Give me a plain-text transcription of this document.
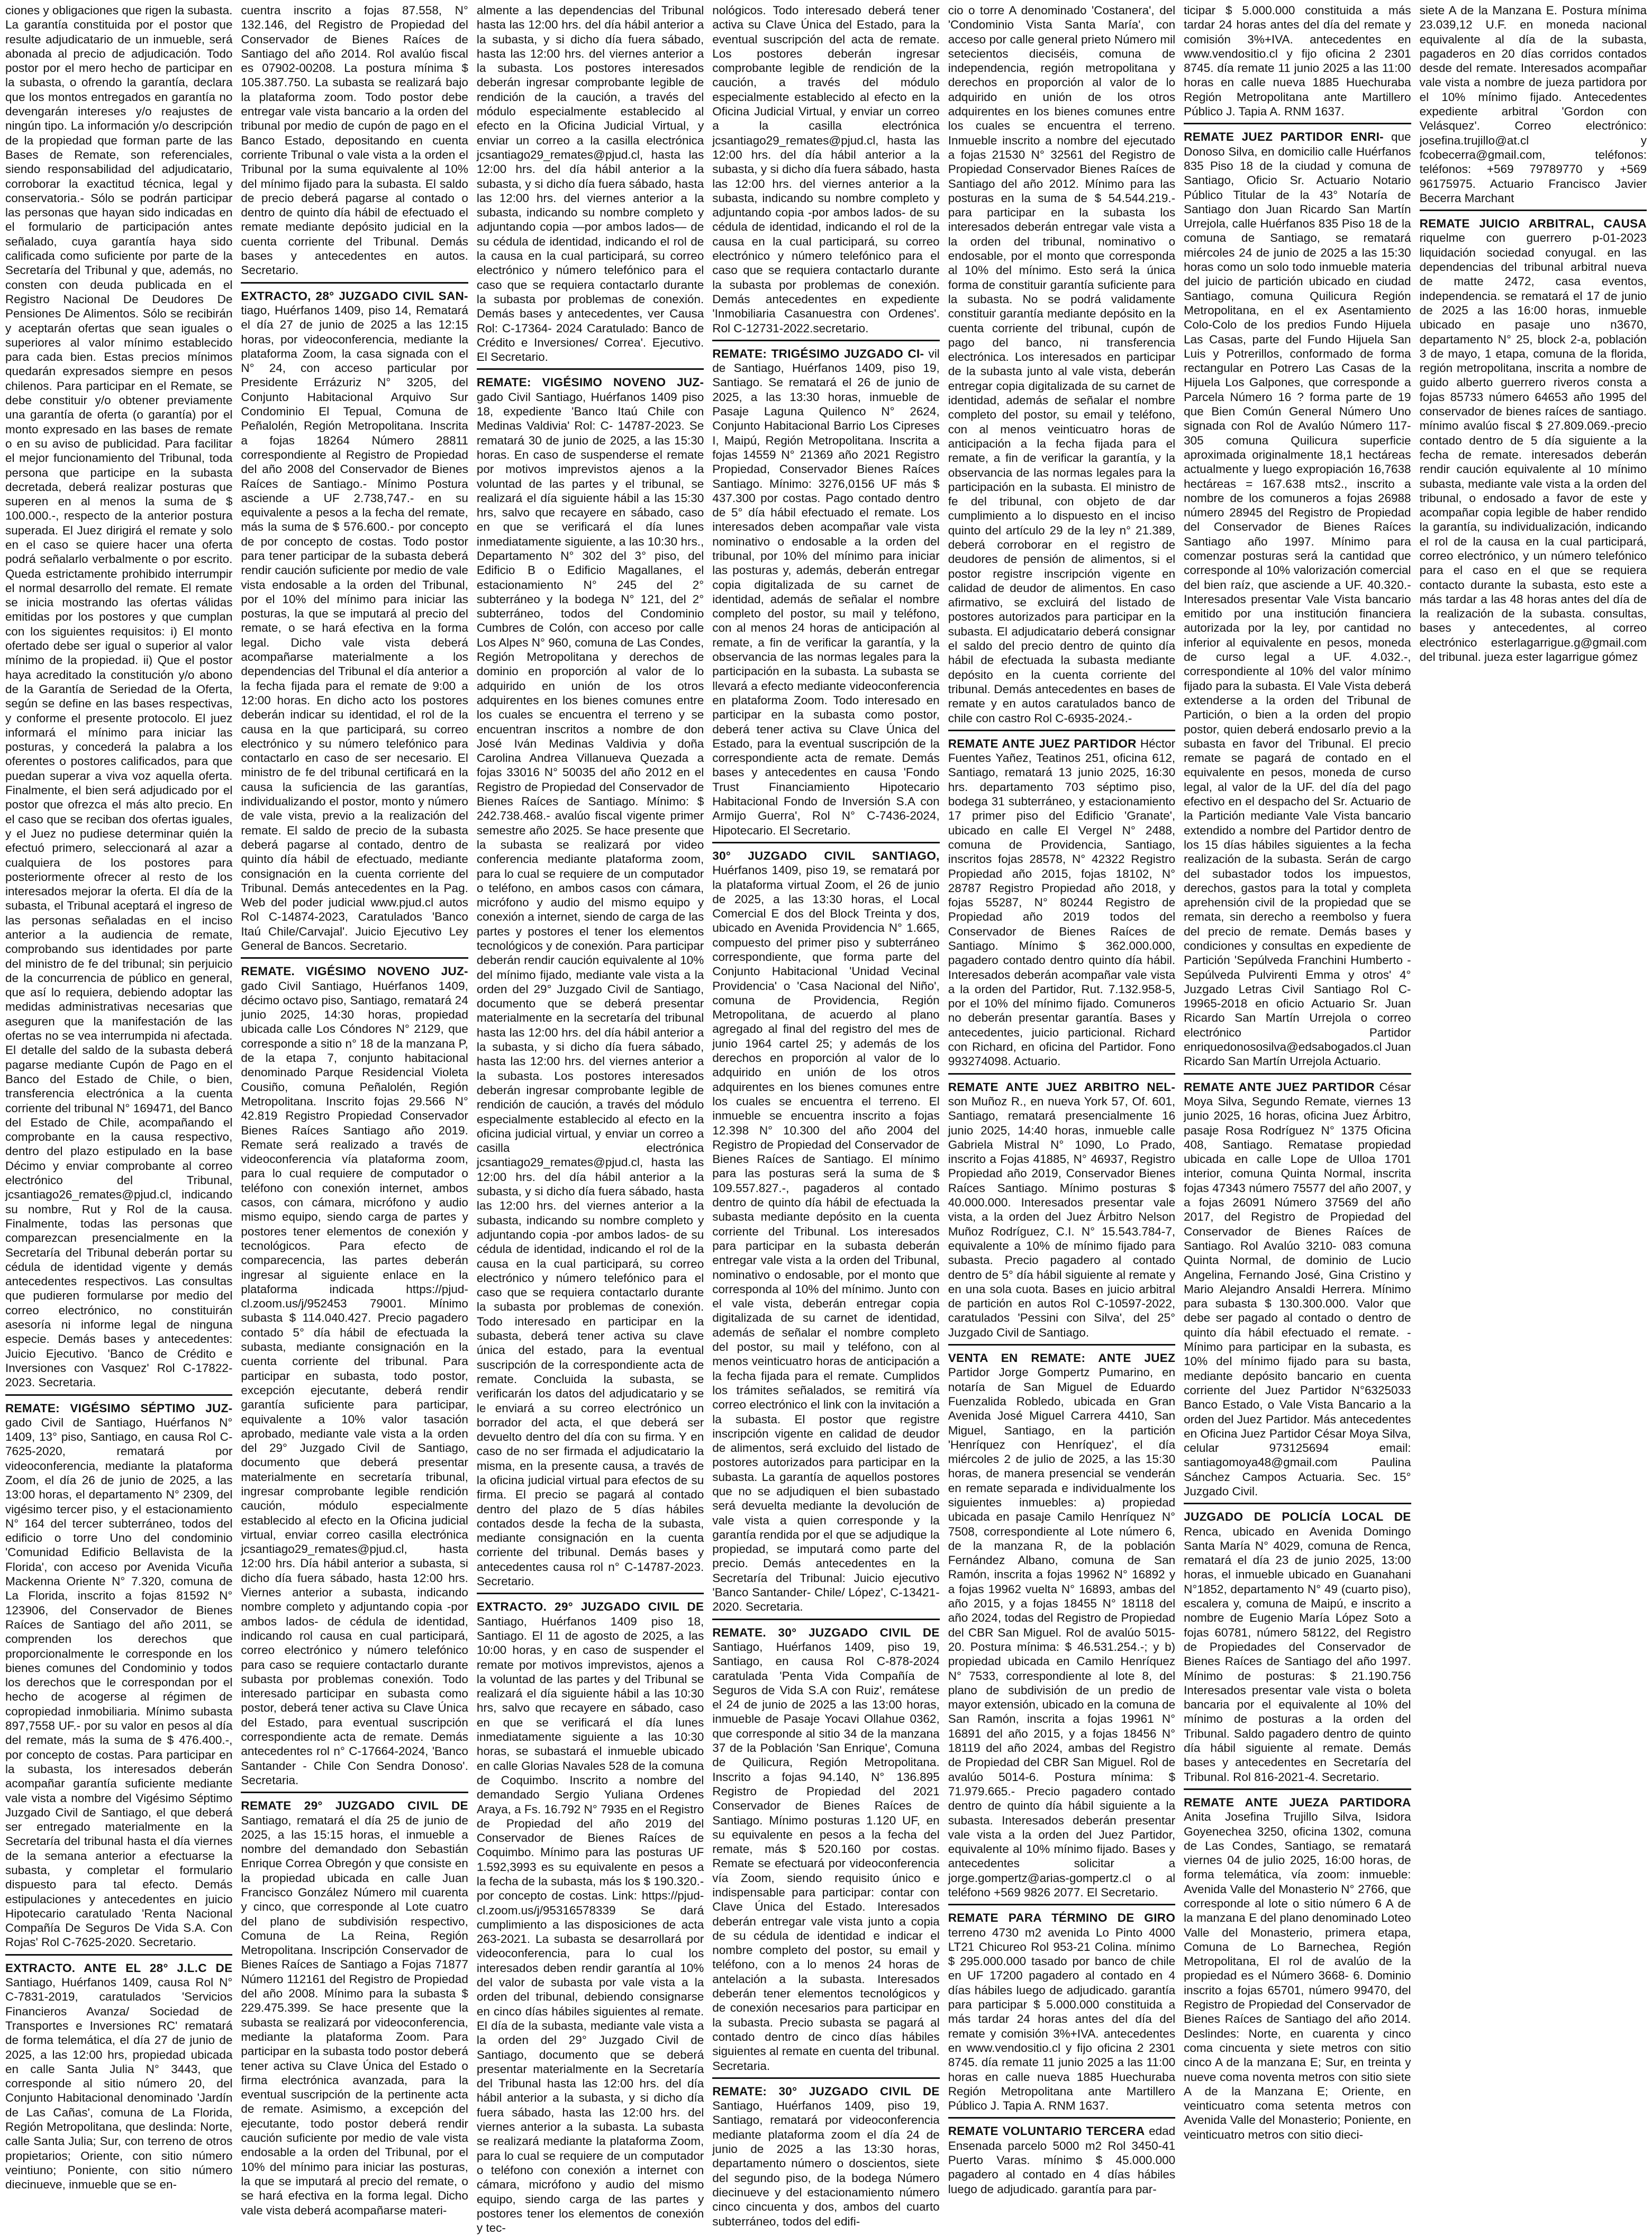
ciones y obligaciones que rigen la subasta. La garantía constituida por el postor que resulte adjudicatario de un inmueble, será abonada al precio de adjudicación. Todo postor por el mero hecho de participar en la subasta, o ofrendo la garantía, declara que los montos entregados en garantía no devengarán intereses y/o reajustes de ningún tipo. La información y/o descripción de la propiedad que forman parte de las Bases de Remate, son referenciales, siendo responsabilidad del adjudicatario, corroborar la exactitud técnica, legal y conservatoria.- Sólo se podrán participar las personas que hayan sido indicadas en el formulario de participación antes señalado, cuya garantía haya sido calificada como suficiente por parte de la Secretaría del Tribunal y que, además, no consten con deuda publicada en el Registro Nacional De Deudores De Pensiones De Alimentos. Sólo se recibirán y aceptarán ofertas que sean iguales o superiores al valor mínimo establecido para cada bien. Estas precios mínimos quedarán expresados siempre en pesos chilenos. Para participar en el Remate, se debe constituir y/o obtener previamente una garantía de oferta (o garantía) por el monto expresado en las bases de remate o en su aviso de publicidad. Para facilitar el mejor funcionamiento del Tribunal, toda persona que participe en la subasta decretada, deberá realizar posturas que superen en al menos la suma de $ 100.000.-, respecto de la anterior postura superada. El Juez dirigirá el remate y solo en el caso se quiere hacer una oferta podrá señalarlo verbalmente o por escrito. Queda estrictamente prohibido interrumpir el normal desarrollo del remate. El remate se inicia mostrando las ofertas válidas emitidas por los postores y que cumplan con los siguientes requisitos: i) El monto ofertado debe ser igual o superior al valor mínimo de la propiedad. ii) Que el postor haya acreditado la constitución y/o abono de la Garantía de Seriedad de la Oferta, según se define en las bases respectivas, y conforme el presente protocolo. El juez informará el mínimo para iniciar las posturas, y concederá la palabra a los oferentes o postores calificados, para que puedan superar a viva voz aquella oferta. Finalmente, el bien será adjudicado por el postor que ofrezca el más alto precio. En el caso que se reciban dos ofertas iguales, y el Juez no pudiese determinar quién la efectuó primero, seleccionará al azar a cualquiera de los postores para posteriormente ofrecer al resto de los interesados mejorar la oferta. El día de la subasta, el Tribunal aceptará el ingreso de las personas señaladas en el inciso anterior a la audiencia de remate, comprobando sus identidades por parte del ministro de fe del tribunal; sin perjuicio de la concurrencia de público en general, que así lo requiera, debiendo adoptar las medidas administrativas necesarias que aseguren que la manifestación de las ofertas no se vea interrumpida ni afectada. El detalle del saldo de la subasta deberá pagarse mediante Cupón de Pago en el Banco del Estado de Chile, o bien, transferencia electrónica a la cuenta corriente del tribunal N° 169471, del Banco del Estado de Chile, acompañando el comprobante en la causa respectivo, dentro del plazo estipulado en la base Décimo y enviar comprobante al correo electrónico del Tribunal, jcsantiago26_remates@pjud.cl, indicando su nombre, Rut y Rol de la causa. Finalmente, todas las personas que comparezcan presencialmente en la Secretaría del Tribunal deberán portar su cédula de identidad vigente y demás antecedentes respectivos. Las consultas que pudieren formularse por medio del correo electrónico, no constituirán asesoría ni informe legal de ninguna especie. Demás bases y antecedentes: Juicio Ejecutivo. 'Banco de Crédito e Inversiones con Vasquez' Rol C-17822-2023. Secretaria.

REMATE: VIGÉSIMO SÉPTIMO JUZ- gado Civil de Santiago, Huérfanos N° 1409, 13° piso, Santiago, en causa Rol C-7625-2020, rematará por videoconferencia, mediante la plataforma Zoom, el día 26 de junio de 2025, a las 13:00 horas, el departamento N° 2309, del vigésimo tercer piso, y el estacionamiento N° 164 del tercer subterráneo, todos del edificio o torre Uno del condominio 'Comunidad Edificio Bellavista de la Florida', con acceso por Avenida Vicuña Mackenna Oriente N° 7.320, comuna de La Florida, inscrito a fojas 81592 N° 123906, del Conservador de Bienes Raíces de Santiago del año 2011, se comprenden los derechos que proporcionalmente le corresponde en los bienes comunes del Condominio y todos los derechos que le correspondan por el hecho de acogerse al régimen de copropiedad inmobiliaria. Mínimo subasta 897,7558 UF.- por su valor en pesos al día del remate, más la suma de $ 476.400.-, por concepto de costas. Para participar en la subasta, los interesados deberán acompañar garantía suficiente mediante vale vista a nombre del Vigésimo Séptimo Juzgado Civil de Santiago, el que deberá ser entregado materialmente en la Secretaría del tribunal hasta el día viernes de la semana anterior a efectuarse la subasta, y completar el formulario dispuesto para tal efecto. Demás estipulaciones y antecedentes en juicio Hipotecario caratulado 'Renta Nacional Compañía De Seguros De Vida S.A. Con Rojas' Rol C-7625-2020. Secretario.

EXTRACTO. ANTE EL 28° J.L.C DE Santiago, Huérfanos 1409, causa Rol N° C-7831-2019, caratulados 'Servicios Financieros Avanza/ Sociedad de Transportes e Inversiones RC' rematará de forma telemática, el día 27 de junio de 2025, a las 12:00 hrs, propiedad ubicada en calle Santa Julia N° 3443, que corresponde al sitio número 20, del Conjunto Habitacional denominado 'Jardín de Las Cañas', comuna de La Florida, Región Metropolitana, que deslinda: Norte, calle Santa Julia; Sur, con terreno de otros propietarios; Oriente, con sitio número veintiuno; Poniente, con sitio número diecinueve, inmueble que se en-

cuentra inscrito a fojas 87.558, N° 132.146, del Registro de Propiedad del Conservador de Bienes Raíces de Santiago del año 2014. Rol avalúo fiscal es 07902-00208. La postura mínima $ 105.387.750. La subasta se realizará bajo la plataforma zoom. Todo postor debe entregar vale vista bancario a la orden del tribunal por medio de cupón de pago en el Banco Estado, depositando en cuenta corriente Tribunal o vale vista a la orden el Tribunal por la suma equivalente al 10% del mínimo fijado para la subasta. El saldo de precio deberá pagarse al contado o dentro de quinto día hábil de efectuado el remate mediante depósito judicial en la cuenta corriente del Tribunal. Demás bases y antecedentes en autos. Secretario.

EXTRACTO, 28° JUZGADO CIVIL SAN- tiago, Huérfanos 1409, piso 14, Rematará el día 27 de junio de 2025 a las 12:15 horas, por videoconferencia, mediante la plataforma Zoom, la casa signada con el N° 24, con acceso particular por Presidente Errázuriz N° 3205, del Conjunto Habitacional Arquivo Sur Condominio El Tepual, Comuna de Peñalolén, Región Metropolitana. Inscrita a fojas 18264 Número 28811 correspondiente al Registro de Propiedad del año 2008 del Conservador de Bienes Raíces de Santiago.- Mínimo Postura asciende a UF 2.738,747.- en su equivalente a pesos a la fecha del remate, más la suma de $ 576.600.- por concepto de por concepto de costas. Todo postor para tener participar de la subasta deberá rendir caución suficiente por medio de vale vista endosable a la orden del Tribunal, por el 10% del mínimo para iniciar las posturas, la que se imputará al precio del remate, o se hará efectiva en la forma legal. Dicho vale vista deberá acompañarse materialmente a los dependencias del Tribunal el día anterior a la fecha fijada para el remate de 9:00 a 12:00 horas. En dicho acto los postores deberán indicar su identidad, el rol de la causa en la que participará, su correo electrónico y su número telefónico para contactarlo en caso de ser necesario. El ministro de fe del tribunal certificará en la causa la suficiencia de las garantías, individualizando el postor, monto y número de vale vista, previo a la realización del remate. El saldo de precio de la subasta deberá pagarse al contado, dentro de quinto día hábil de efectuado, mediante consignación en la cuenta corriente del Tribunal. Demás antecedentes en la Pag. Web del poder judicial www.pjud.cl autos Rol C-14874-2023, Caratulados 'Banco Itaú Chile/Carvajal'. Juicio Ejecutivo Ley General de Bancos. Secretario.

REMATE. VIGÉSIMO NOVENO JUZ- gado Civil Santiago, Huérfanos 1409, décimo octavo piso, Santiago, rematará 24 junio 2025, 14:30 horas, propiedad ubicada calle Los Cóndores N° 2129, que corresponde a sitio n° 18 de la manzana P, de la etapa 7, conjunto habitacional denominado Parque Residencial Violeta Cousiño, comuna Peñalolén, Región Metropolitana. Inscrito fojas 29.566 N° 42.819 Registro Propiedad Conservador Bienes Raíces Santiago año 2019. Remate será realizado a través de videoconferencia vía plataforma zoom, para lo cual requiere de computador o teléfono con conexión internet, ambos casos, con cámara, micrófono y audio mismo equipo, siendo carga de partes y postores tener elementos de conexión y tecnológicos. Para efecto de comparecencia, las partes deberán ingresar al siguiente enlace en la plataforma indicada https://pjud-cl.zoom.us/j/952453 79001. Mínimo subasta $ 114.040.427. Precio pagadero contado 5° día hábil de efectuada la subasta, mediante consignación en la cuenta corriente del tribunal. Para participar en subasta, todo postor, excepción ejecutante, deberá rendir garantía suficiente para participar, equivalente a 10% valor tasación aprobado, mediante vale vista a la orden del 29° Juzgado Civil de Santiago, documento que deberá presentar materialmente en secretaría tribunal, ingresar comprobante legible rendición caución, módulo especialmente establecido al efecto en la Oficina judicial virtual, enviar correo casilla electrónica jcsantiago29_remates@pjud.cl, hasta 12:00 hrs. Día hábil anterior a subasta, si dicho día fuera sábado, hasta 12:00 hrs. Viernes anterior a subasta, indicando nombre completo y adjuntando copia -por ambos lados- de cédula de identidad, indicando rol causa en cual participará, correo electrónico y número telefónico para caso se requiere contactarlo durante subasta por problemas conexión. Todo interesado participar en subasta como postor, deberá tener activa su Clave Única del Estado, para eventual suscripción correspondiente acta de remate. Demás antecedentes rol n° C-17664-2024, 'Banco Santander - Chile Con Sendra Donoso'. Secretaria.

REMATE 29° JUZGADO CIVIL DE Santiago, rematará el día 25 de junio de 2025, a las 15:15 horas, el inmueble a nombre del demandado don Sebastián Enrique Correa Obregón y que consiste en la propiedad ubicada en calle Juan Francisco González Número mil cuarenta y cinco, que corresponde al Lote cuatro del plano de subdivisión respectivo, Comuna de La Reina, Región Metropolitana. Inscripción Conservador de Bienes Raíces de Santiago a Fojas 71877 Número 112161 del Registro de Propiedad del año 2008. Mínimo para la subasta $ 229.475.399. Se hace presente que la subasta se realizará por videoconferencia, mediante la plataforma Zoom. Para participar en la subasta todo postor deberá tener activa su Clave Única del Estado o firma electrónica avanzada, para la eventual suscripción de la pertinente acta de remate. Asimismo, a excepción del ejecutante, todo postor deberá rendir caución suficiente por medio de vale vista endosable a la orden del Tribunal, por el 10% del mínimo para iniciar las posturas, la que se imputará al precio del remate, o se hará efectiva en la forma legal. Dicho vale vista deberá acompañarse materi-

almente a las dependencias del Tribunal hasta las 12:00 hrs. del día hábil anterior a la subasta, y si dicho día fuera sábado, hasta las 12:00 hrs. del viernes anterior a la subasta. Los postores interesados deberán ingresar comprobante legible de rendición de la caución, a través del módulo especialmente establecido al efecto en la Oficina Judicial Virtual, y enviar un correo a la casilla electrónica jcsantiago29_remates@pjud.cl, hasta las 12:00 hrs. del día hábil anterior a la subasta, y si dicho día fuera sábado, hasta las 12:00 hrs. del viernes anterior a la subasta, indicando su nombre completo y adjuntando copia —por ambos lados— de su cédula de identidad, indicando el rol de la causa en la cual participará, su correo electrónico y número telefónico para el caso que se requiera contactarlo durante la subasta por problemas de conexión. Demás bases y antecedentes, ver Causa Rol: C-17364- 2024 Caratulado: Banco de Crédito e Inversiones/ Correa'. Ejecutivo. El Secretario.

REMATE: VIGÉSIMO NOVENO JUZ- gado Civil Santiago, Huérfanos 1409 piso 18, expediente 'Banco Itaú Chile con Medinas Valdivia' Rol: C- 14787-2023. Se rematará 30 de junio de 2025, a las 15:30 horas. En caso de suspenderse el remate por motivos imprevistos ajenos a la voluntad de las partes y el tribunal, se realizará el día siguiente hábil a las 15:30 hrs, salvo que recayere en sábado, caso en que se verificará el día lunes inmediatamente siguiente, a las 10:30 hrs., Departamento N° 302 del 3° piso, del Edificio B o Edificio Magallanes, el estacionamiento N° 245 del 2° subterráneo y la bodega N° 121, del 2° subterráneo, todos del Condominio Cumbres de Colón, con acceso por calle Los Alpes N° 960, comuna de Las Condes, Región Metropolitana y derechos de dominio en proporción al valor de lo adquirido en unión de los otros adquirentes en los bienes comunes entre los cuales se encuentra el terreno y se encuentran inscritos a nombre de don José Iván Medinas Valdivia y doña Carolina Andrea Villanueva Quezada a fojas 33016 N° 50035 del año 2012 en el Registro de Propiedad del Conservador de Bienes Raíces de Santiago. Mínimo: $ 242.738.468.- avalúo fiscal vigente primer semestre año 2025. Se hace presente que la subasta se realizará por video conferencia mediante plataforma zoom, para lo cual se requiere de un computador o teléfono, en ambos casos con cámara, micrófono y audio del mismo equipo y conexión a internet, siendo de carga de las partes y postores el tener los elementos tecnológicos y de conexión. Para participar deberán rendir caución equivalente al 10% del mínimo fijado, mediante vale vista a la orden del 29° Juzgado Civil de Santiago, documento que se deberá presentar materialmente en la secretaría del tribunal hasta las 12:00 hrs. del día hábil anterior a la subasta, y si dicho día fuera sábado, hasta las 12:00 hrs. del viernes anterior a la subasta. Los postores interesados deberán ingresar comprobante legible de rendición de caución, a través del módulo especialmente establecido al efecto en la oficina judicial virtual, y enviar un correo a casilla electrónica jcsantiago29_remates@pjud.cl, hasta las 12:00 hrs. del día hábil anterior a la subasta, y si dicho día fuera sábado, hasta las 12:00 hrs. del viernes anterior a la subasta, indicando su nombre completo y adjuntando copia -por ambos lados- de su cédula de identidad, indicando el rol de la causa en la cual participará, su correo electrónico y número telefónico para el caso que se requiera contactarlo durante la subasta por problemas de conexión. Todo interesado en participar en la subasta, deberá tener activa su clave única del estado, para la eventual suscripción de la correspondiente acta de remate. Concluida la subasta, se verificarán los datos del adjudicatario y se le enviará a su correo electrónico un borrador del acta, el que deberá ser devuelto dentro del día con su firma. Y en caso de no ser firmada el adjudicatario la misma, en la presente causa, a través de la oficina judicial virtual para efectos de su firma. El precio se pagará al contado dentro del plazo de 5 días hábiles contados desde la fecha de la subasta, mediante consignación en la cuenta corriente del tribunal. Demás bases y antecedentes causa rol n° C-14787-2023. Secretario.

EXTRACTO. 29° JUZGADO CIVIL DE Santiago, Huérfanos 1409 piso 18, Santiago. El 11 de agosto de 2025, a las 10:00 horas, y en caso de suspender el remate por motivos imprevistos, ajenos a la voluntad de las partes y del Tribunal se realizará el día siguiente hábil a las 10:30 hrs, salvo que recayere en sábado, caso en que se verificará el día lunes inmediatamente siguiente a las 10:30 horas, se subastará el inmueble ubicado en calle Glorias Navales 528 de la comuna de Coquimbo. Inscrito a nombre del demandado Sergio Yuliana Ordenes Araya, a Fs. 16.792 N° 7935 en el Registro de Propiedad del año 2019 del Conservador de Bienes Raíces de Coquimbo. Mínimo para las posturas UF 1.592,3993 es su equivalente en pesos a la fecha de la subasta, más los $ 190.320.-por concepto de costas. Link: https://pjud-cl.zoom.us/j/95316578339 Se dará cumplimiento a las disposiciones de acta 263-2021. La subasta se desarrollará por videoconferencia, para lo cual los interesados deben rendir garantía al 10% del valor de subasta por vale vista a la orden del tribunal, debiendo consignarse en cinco días hábiles siguientes al remate. El día de la subasta, mediante vale vista a la orden del 29° Juzgado Civil de Santiago, documento que se deberá presentar materialmente en la Secretaría del Tribunal hasta las 12:00 hrs. del día hábil anterior a la subasta, y si dicho día fuera sábado, hasta las 12:00 hrs. del viernes anterior a la subasta. La subasta se realizará mediante la plataforma Zoom, para lo cual se requiere de un computador o teléfono con conexión a internet con cámara, micrófono y audio del mismo equipo, siendo carga de las partes y postores tener los elementos de conexión y tec-

nológicos. Todo interesado deberá tener activa su Clave Única del Estado, para la eventual suscripción del acta de remate. Los postores deberán ingresar comprobante legible de rendición de la caución, a través del módulo especialmente establecido al efecto en la Oficina Judicial Virtual, y enviar un correo a la casilla electrónica jcsantiago29_remates@pjud.cl, hasta las 12:00 hrs. del día hábil anterior a la subasta, y si dicho día fuera sábado, hasta las 12:00 hrs. del viernes anterior a la subasta, indicando su nombre completo y adjuntando copia -por ambos lados- de su cédula de identidad, indicando el rol de la causa en la cual participará, su correo electrónico y número telefónico para el caso que se requiera contactarlo durante la subasta por problemas de conexión. Demás antecedentes en expediente 'Inmobiliaria Casanuestra con Ordenes'. Rol C-12731-2022.secretario.

REMATE: TRIGÉSIMO JUZGADO CI- vil de Santiago, Huérfanos 1409, piso 19, Santiago. Se rematará el 26 de junio de 2025, a las 13:30 horas, inmueble de Pasaje Laguna Quilenco N° 2624, Conjunto Habitacional Barrio Los Cipreses I, Maipú, Región Metropolitana. Inscrita a fojas 14559 N° 21369 año 2021 Registro Propiedad, Conservador Bienes Raíces Santiago. Mínimo: 3276,0156 UF más $ 437.300 por costas. Pago contado dentro de 5° día hábil efectuado el remate. Los interesados deben acompañar vale vista nominativo o endosable a la orden del tribunal, por 10% del mínimo para iniciar las posturas y, además, deberán entregar copia digitalizada de su carnet de identidad, además de señalar el nombre completo del postor, su mail y teléfono, con al menos 24 horas de anticipación al remate, a fin de verificar la garantía, y la observancia de las normas legales para la participación en la subasta. La subasta se llevará a efecto mediante videoconferencia en plataforma Zoom. Todo interesado en participar en la subasta como postor, deberá tener activa su Clave Única del Estado, para la eventual suscripción de la correspondiente acta de remate. Demás bases y antecedentes en causa 'Fondo Trust Financiamiento Hipotecario Habitacional Fondo de Inversión S.A con Armijo Guerra', Rol N° C-7436-2024, Hipotecario. El Secretario.

30° JUZGADO CIVIL SANTIAGO, Huérfanos 1409, piso 19, se rematará por la plataforma virtual Zoom, el 26 de junio de 2025, a las 13:30 horas, el Local Comercial E dos del Block Treinta y dos, ubicado en Avenida Providencia N° 1.665, compuesto del primer piso y subterráneo correspondiente, que forma parte del Conjunto Habitacional 'Unidad Vecinal Providencia' o 'Casa Nacional del Niño', comuna de Providencia, Región Metropolitana, de acuerdo al plano agregado al final del registro del mes de junio 1964 cartel 25; y además de los derechos en proporción al valor de lo adquirido en unión de los otros adquirentes en los bienes comunes entre los cuales se encuentra el terreno. El inmueble se encuentra inscrito a fojas 12.398 N° 10.300 del año 2004 del Registro de Propiedad del Conservador de Bienes Raíces de Santiago. El mínimo para las posturas será la suma de $ 109.557.827.-, pagaderos al contado dentro de quinto día hábil de efectuada la subasta mediante depósito en la cuenta corriente del Tribunal. Los interesados para participar en la subasta deberán entregar vale vista a la orden del Tribunal, nominativo o endosable, por el monto que corresponda al 10% del mínimo. Junto con el vale vista, deberán entregar copia digitalizada de su carnet de identidad, además de señalar el nombre completo del postor, su mail y teléfono, con al menos veinticuatro horas de anticipación a la fecha fijada para el remate. Cumplidos los trámites señalados, se remitirá vía correo electrónico el link con la invitación a la subasta. El postor que registre inscripción vigente en calidad de deudor de alimentos, será excluido del listado de postores autorizados para participar en la subasta. La garantía de aquellos postores que no se adjudiquen el bien subastado será devuelta mediante la devolución de vale vista a quien corresponde y la garantía rendida por el que se adjudique la propiedad, se imputará como parte del precio. Demás antecedentes en la Secretaría del Tribunal: Juicio ejecutivo 'Banco Santander- Chile/ López', C-13421-2020. Secretaria.

REMATE. 30° JUZGADO CIVIL DE Santiago, Huérfanos 1409, piso 19, Santiago, en causa Rol C-878-2024 caratulada 'Penta Vida Compañía de Seguros de Vida S.A con Ruiz', remátese el 24 de junio de 2025 a las 13:00 horas, inmueble de Pasaje Yocavi Ollahue 0362, que corresponde al sitio 34 de la manzana 37 de la Población 'San Enrique', Comuna de Quilicura, Región Metropolitana. Inscrito a fojas 94.140, N° 136.895 Registro de Propiedad del 2021 Conservador de Bienes Raíces de Santiago. Mínimo posturas 1.120 UF, en su equivalente en pesos a la fecha del remate, más $ 520.160 por costas. Remate se efectuará por videoconferencia vía Zoom, siendo requisito único e indispensable para participar: contar con Clave Única del Estado. Interesados deberán entregar vale vista junto a copia de su cédula de identidad e indicar el nombre completo del postor, su email y teléfono, con a lo menos 24 horas de antelación a la subasta. Interesados deberán tener elementos tecnológicos y de conexión necesarios para participar en la subasta. Precio subasta se pagará al contado dentro de cinco días hábiles siguientes al remate en cuenta del tribunal. Secretaria.

REMATE: 30° JUZGADO CIVIL DE Santiago, Huérfanos 1409, piso 19, Santiago, rematará por videoconferencia mediante plataforma zoom el día 24 de junio de 2025 a las 13:30 horas, departamento número o doscientos, siete del segundo piso, de la bodega Número diecinueve y del estacionamiento número cinco cincuenta y dos, ambos del cuarto subterráneo, todos del edifi-

cio o torre A denominado 'Costanera', del 'Condominio Vista Santa María', con acceso por calle general prieto Número mil setecientos dieciséis, comuna de independencia, región metropolitana y derechos en proporción al valor de lo adquirido en unión de los otros adquirentes en los bienes comunes entre los cuales se encuentra el terreno. Inmueble inscrito a nombre del ejecutado a fojas 21530 N° 32561 del Registro de Propiedad Conservador Bienes Raíces de Santiago del año 2012. Mínimo para las posturas en la suma de $ 54.544.219.- para participar en la subasta los interesados deberán entregar vale vista a la orden del tribunal, nominativo o endosable, por el monto que corresponda al 10% del mínimo. Esto será la única forma de constituir garantía suficiente para la subasta. No se podrá validamente constituir garantía mediante depósito en la cuenta corriente del tribunal, cupón de pago del banco, ni transferencia electrónica. Los interesados en participar de la subasta junto al vale vista, deberán entregar copia digitalizada de su carnet de identidad, además de señalar el nombre completo del postor, su email y teléfono, con al menos veinticuatro horas de anticipación a la fecha fijada para el remate, a fin de verificar la garantía, y la observancia de las normas legales para la participación en la subasta. El ministro de fe del tribunal, con objeto de dar cumplimiento a lo dispuesto en el inciso quinto del artículo 29 de la ley n° 21.389, deberá corroborar en el registro de deudores de pensión de alimentos, si el postor registre inscripción vigente en calidad de deudor de alimentos. En caso afirmativo, se excluirá del listado de postores autorizados para participar en la subasta. El adjudicatario deberá consignar el saldo del precio dentro de quinto día hábil de efectuada la subasta mediante depósito en la cuenta corriente del tribunal. Demás antecedentes en bases de remate y en autos caratulados banco de chile con castro Rol C-6935-2024.-

REMATE ANTE JUEZ PARTIDOR Héctor Fuentes Yañez, Teatinos 251, oficina 612, Santiago, rematará 13 junio 2025, 16:30 hrs. departamento 703 séptimo piso, bodega 31 subterráneo, y estacionamiento 17 primer piso del Edificio 'Granate', ubicado en calle El Vergel N° 2488, comuna de Providencia, Santiago, inscritos fojas 28578, N° 42322 Registro Propiedad año 2015, fojas 18102, N° 28787 Registro Propiedad año 2018, y fojas 55287, N° 80244 Registro de Propiedad año 2019 todos del Conservador de Bienes Raíces de Santiago. Mínimo $ 362.000.000, pagadero contado dentro quinto día hábil. Interesados deberán acompañar vale vista a la orden del Partidor, Rut. 7.132.958-5, por el 10% del mínimo fijado. Comuneros no deberán presentar garantía. Bases y antecedentes, juicio particional. Richard con Richard, en oficina del Partidor. Fono 993274098. Actuario.

REMATE ANTE JUEZ ARBITRO NEL- son Muñoz R., en nueva York 57, Of. 601, Santiago, rematará presencialmente 16 junio 2025, 14:40 horas, inmueble calle Gabriela Mistral N° 1090, Lo Prado, inscrito a Fojas 41885, N° 46937, Registro Propiedad año 2019, Conservador Bienes Raíces Santiago. Mínimo posturas $ 40.000.000. Interesados presentar vale vista, a la orden del Juez Árbitro Nelson Muñoz Rodríguez, C.I. N° 15.543.784-7, equivalente a 10% de mínimo fijado para subasta. Precio pagadero al contado dentro de 5° día hábil siguiente al remate y en una sola cuota. Bases en juicio arbitral de partición en autos Rol C-10597-2022, caratulados 'Pessini con Silva', del 25° Juzgado Civil de Santiago.

VENTA EN REMATE: ANTE JUEZ Partidor Jorge Gompertz Pumarino, en notaría de San Miguel de Eduardo Fuenzalida Robledo, ubicada en Gran Avenida José Miguel Carrera 4410, San Miguel, Santiago, en la partición 'Henríquez con Henríquez', el día miércoles 2 de julio de 2025, a las 15:30 horas, de manera presencial se venderán en remate separada e individualmente los siguientes inmuebles: a) propiedad ubicada en pasaje Camilo Henríquez N° 7508, correspondiente al Lote número 6, de la manzana R, de la población Fernández Albano, comuna de San Ramón, inscrita a fojas 19962 N° 16892 y a fojas 19962 vuelta N° 16893, ambas del año 2015, y a fojas 18455 N° 18118 del año 2024, todas del Registro de Propiedad del CBR San Miguel. Rol de avalúo 5015-20. Postura mínima: $ 46.531.254.-; y b) propiedad ubicada en Camilo Henríquez N° 7533, correspondiente al lote 8, del plano de subdivisión de un predio de mayor extensión, ubicado en la comuna de San Ramón, inscrita a fojas 19961 N° 16891 del año 2015, y a fojas 18456 N° 18119 del año 2024, ambas del Registro de Propiedad del CBR San Miguel. Rol de avalúo 5014-6. Postura mínima: $ 71.979.665.- Precio pagadero contado dentro de quinto día hábil siguiente a la subasta. Interesados deberán presentar vale vista a la orden del Juez Partidor, equivalente al 10% mínimo fijado. Bases y antecedentes solicitar a jorge.gompertz@arias-gompertz.cl o al teléfono +569 9826 2077. El Secretario.

REMATE PARA TÉRMINO DE GIRO terreno 4730 m2 avenida Lo Pinto 4000 LT21 Chicureo Rol 953-21 Colina. mínimo $ 295.000.000 tasado por banco de chile en UF 17200 pagadero al contado en 4 días hábiles luego de adjudicado. garantía para participar $ 5.000.000 constituida a más tardar 24 horas antes del día del remate y comisión 3%+IVA. antecedentes en www.vendositio.cl y fijo oficina 2 2301 8745. día remate 11 junio 2025 a las 11:00 horas en calle nueva 1885 Huechuraba Región Metropolitana ante Martillero Público J. Tapia A. RNM 1637.

REMATE VOLUNTARIO TERCERA edad Ensenada parcelo 5000 m2 Rol 3450-41 Puerto Varas. mínimo $ 45.000.000 pagadero al contado en 4 días hábiles luego de adjudicado. garantía para par-

ticipar $ 5.000.000 constituida a más tardar 24 horas antes del día del remate y comisión 3%+IVA. antecedentes en www.vendositio.cl y fijo oficina 2 2301 8745. día remate 11 junio 2025 a las 11:00 horas en calle nueva 1885 Huechuraba Región Metropolitana ante Martillero Público J. Tapia A. RNM 1637.

REMATE JUEZ PARTIDOR ENRI- que Donoso Silva, en domicilio calle Huérfanos 835 Piso 18 de la ciudad y comuna de Santiago, Oficio Sr. Actuario Notario Público Titular de la 43° Notaría de Santiago don Juan Ricardo San Martín Urrejola, calle Huérfanos 835 Piso 18 de la comuna de Santiago, se rematará miércoles 24 de junio de 2025 a las 15:30 horas como un solo todo inmueble materia del juicio de partición ubicado en ciudad Santiago, comuna Quilicura Región Metropolitana, en el ex Asentamiento Colo-Colo de los predios Fundo Hijuela Las Casas, parte del Fundo Hijuela San Luis y Potrerillos, conformado de forma rectangular en Potrero Las Casas de la Hijuela Los Galpones, que corresponde a Parcela Número 16 ? forma parte de 19 que Bien Común General Número Uno signada con Rol de Avalúo Número 117-305 comuna Quilicura superficie aproximada originalmente 18,1 hectáreas actualmente y luego expropiación 16,7638 hectáreas = 167.638 mts2., inscrito a nombre de los comuneros a fojas 26988 número 28945 del Registro de Propiedad del Conservador de Bienes Raíces Santiago año 1997. Mínimo para comenzar posturas será la cantidad que corresponde al 10% valorización comercial del bien raíz, que asciende a UF. 40.320.- Interesados presentar Vale Vista bancario emitido por una institución financiera autorizada por la ley, por cantidad no inferior al equivalente en pesos, moneda de curso legal a UF. 4.032.-, correspondiente al 10% del valor mínimo fijado para la subasta. El Vale Vista deberá extenderse a la orden del Tribunal de Partición, o bien a la orden del propio postor, quien deberá endosarlo previo a la subasta en favor del Tribunal. El precio remate se pagará de contado en el equivalente en pesos, moneda de curso legal, al valor de la UF. del día del pago efectivo en el despacho del Sr. Actuario de la Partición mediante Vale Vista bancario extendido a nombre del Partidor dentro de los 15 días hábiles siguientes a la fecha realización de la subasta. Serán de cargo del subastador todos los impuestos, derechos, gastos para la total y completa aprehensión civil de la propiedad que se remata, sin derecho a reembolso y fuera del precio de remate. Demás bases y condiciones y consultas en expediente de Partición 'Sepúlveda Franchini Humberto - Sepúlveda Pulvirenti Emma y otros' 4° Juzgado Letras Civil Santiago Rol C-19965-2018 en oficio Actuario Sr. Juan Ricardo San Martín Urrejola o correo electrónico Partidor enriquedonososilva@edsabogados.cl Juan Ricardo San Martín Urrejola Actuario.

REMATE ANTE JUEZ PARTIDOR César Moya Silva, Segundo Remate, viernes 13 junio 2025, 16 horas, oficina Juez Árbitro, pasaje Rosa Rodríguez N° 1375 Oficina 408, Santiago. Rematase propiedad ubicada en calle Lope de Ulloa 1701 interior, comuna Quinta Normal, inscrita fojas 47343 número 75577 del año 2007, y a fojas 26091 Número 37569 del año 2017, del Registro de Propiedad del Conservador de Bienes Raíces de Santiago. Rol Avalúo 3210- 083 comuna Quinta Normal, de dominio de Lucio Angelina, Fernando José, Gina Cristino y Mario Alejandro Ansaldi Herrera. Mínimo para subasta $ 130.300.000. Valor que debe ser pagado al contado o dentro de quinto día hábil efectuado el remate. - Mínimo para participar en la subasta, es 10% del mínimo fijado para su basta, mediante depósito bancario en cuenta corriente del Juez Partidor N°6325033 Banco Estado, o Vale Vista Bancario a la orden del Juez Partidor. Más antecedentes en Oficina Juez Partidor César Moya Silva, celular 973125694 email: santiagomoya48@gmail.com Paulina Sánchez Campos Actuaria. Sec. 15° Juzgado Civil.

JUZGADO DE POLICÍA LOCAL DE Renca, ubicado en Avenida Domingo Santa María N° 4029, comuna de Renca, rematará el día 23 de junio 2025, 13:00 horas, el inmueble ubicado en Guanahani N°1852, departamento N° 49 (cuarto piso), escalera y, comuna de Maipú, e inscrito a nombre de Eugenio María López Soto a fojas 60781, número 58122, del Registro de Propiedades del Conservador de Bienes Raíces de Santiago del año 1997. Mínimo de posturas: $ 21.190.756 Interesados presentar vale vista o boleta bancaria por el equivalente al 10% del mínimo de posturas a la orden del Tribunal. Saldo pagadero dentro de quinto día hábil siguiente al remate. Demás bases y antecedentes en Secretaría del Tribunal. Rol 816-2021-4. Secretario.

REMATE ANTE JUEZA PARTIDORA Anita Josefina Trujillo Silva, Isidora Goyenechea 3250, oficina 1302, comuna de Las Condes, Santiago, se rematará viernes 04 de julio 2025, 16:00 horas, de forma telemática, vía zoom: inmueble: Avenida Valle del Monasterio N° 2766, que corresponde al lote o sitio número 6 A de la manzana E del plano denominado Loteo Valle del Monasterio, primera etapa, Comuna de Lo Barnechea, Región Metropolitana, El rol de avalúo de la propiedad es el Número 3668- 6. Dominio inscrito a fojas 65701, número 99470, del Registro de Propiedad del Conservador de Bienes Raíces de Santiago del año 2014. Deslindes: Norte, en cuarenta y cinco coma cincuenta y siete metros con sitio cinco A de la manzana E; Sur, en treinta y nueve coma noventa metros con sitio siete A de la Manzana E; Oriente, en veinticuatro coma setenta metros con Avenida Valle del Monasterio; Poniente, en veinticuatro metros con sitio dieci-

siete A de la Manzana E. Postura mínima 23.039,12 U.F. en moneda nacional equivalente al día de la subasta, pagaderos en 20 días corridos contados desde del remate. Interesados acompañar vale vista a nombre de jueza partidora por el 10% mínimo fijado. Antecedentes expediente arbitral 'Gordon con Velásquez'. Correo electrónico: josefina.trujillo@at.cl y fcobecerra@gmail.com, teléfonos: teléfonos: +569 79789770 y +569 96175975. Actuario Francisco Javier Becerra Marchant

REMATE JUICIO ARBITRAL, CAUSA riquelme con guerrero p-01-2023 liquidación sociedad conyugal. en las dependencias del tribunal arbitral nueva de matte 2472, casa eventos, independencia. se rematará el 17 de junio de 2025 a las 16:00 horas, inmueble ubicado en pasaje uno n3670, departamento N° 25, block 2-a, población 3 de mayo, 1 etapa, comuna de la florida, región metropolitana, inscrita a nombre de guido alberto guerrero riveros consta a fojas 85733 número 64653 año 1995 del conservador de bienes raíces de santiago. mínimo avalúo fiscal $ 27.809.069.-precio contado dentro de 5 día siguiente a la fecha de remate. interesados deberán rendir caución equivalente al 10 mínimo subasta, mediante vale vista a la orden del tribunal, o endosado a favor de este y acompañar copia legible de haber rendido la garantía, su individualización, indicando el rol de la causa en la cual participará, correo electrónico, y un número telefónico para el caso en el que se requiera contacto durante la subasta, esto este a más tardar a las 48 horas antes del día de la realización de la subasta. consultas, bases y antecedentes, al correo electrónico esterlagarrigue.g@gmail.com del tribunal. jueza ester lagarrigue gómez
